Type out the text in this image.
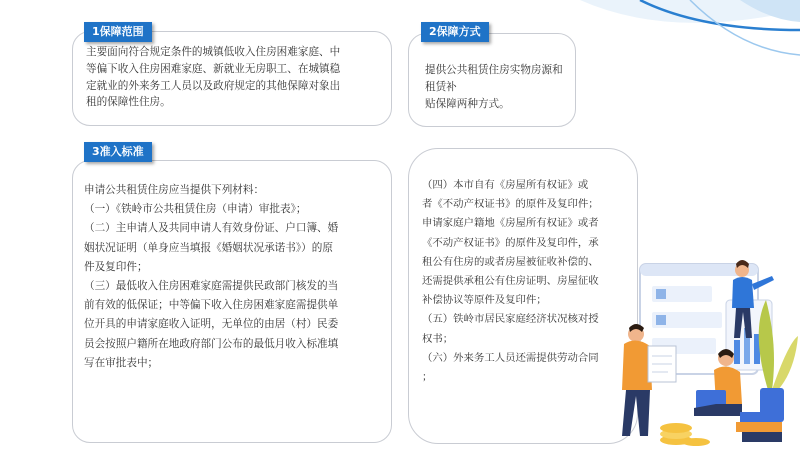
1保障范围
主要面向符合规定条件的城镇低收入住房困难家庭、中
等偏下收入住房困难家庭、新就业无房职工、在城镇稳
定就业的外来务工人员以及政府规定的其他保障对象出
租的保障性住房。
2保障方式
提供公共租赁住房实物房源和租赁补
贴保障两种方式。
3准入标准
申请公共租赁住房应当提供下列材料：
（一）《铁岭市公共租赁住房（申请）审批表》；
（二）主申请人及共同申请人有效身份证、户口簿、婚
姻状况证明（单身应当填报《婚姻状况承诺书》）的原
件及复印件；
（三）最低收入住房困难家庭需提供民政部门核发的当
前有效的低保证；中等偏下收入住房困难家庭需提供单
位开具的申请家庭收入证明，无单位的由居（村）民委
员会按照户籍所在地政府部门公布的最低月收入标准填
写在审批表中；
（四）本市自有《房屋所有权证》或
者《不动产权证书》的原件及复印件；
申请家庭户籍地《房屋所有权证》或者
《不动产权证书》的原件及复印件，承
租公有住房的或者房屋被征收补偿的、
还需提供承租公有住房证明、房屋征收
补偿协议等原件及复印件；
（五）铁岭市居民家庭经济状况核对授
权书；
（六）外来务工人员还需提供劳动合同
；
